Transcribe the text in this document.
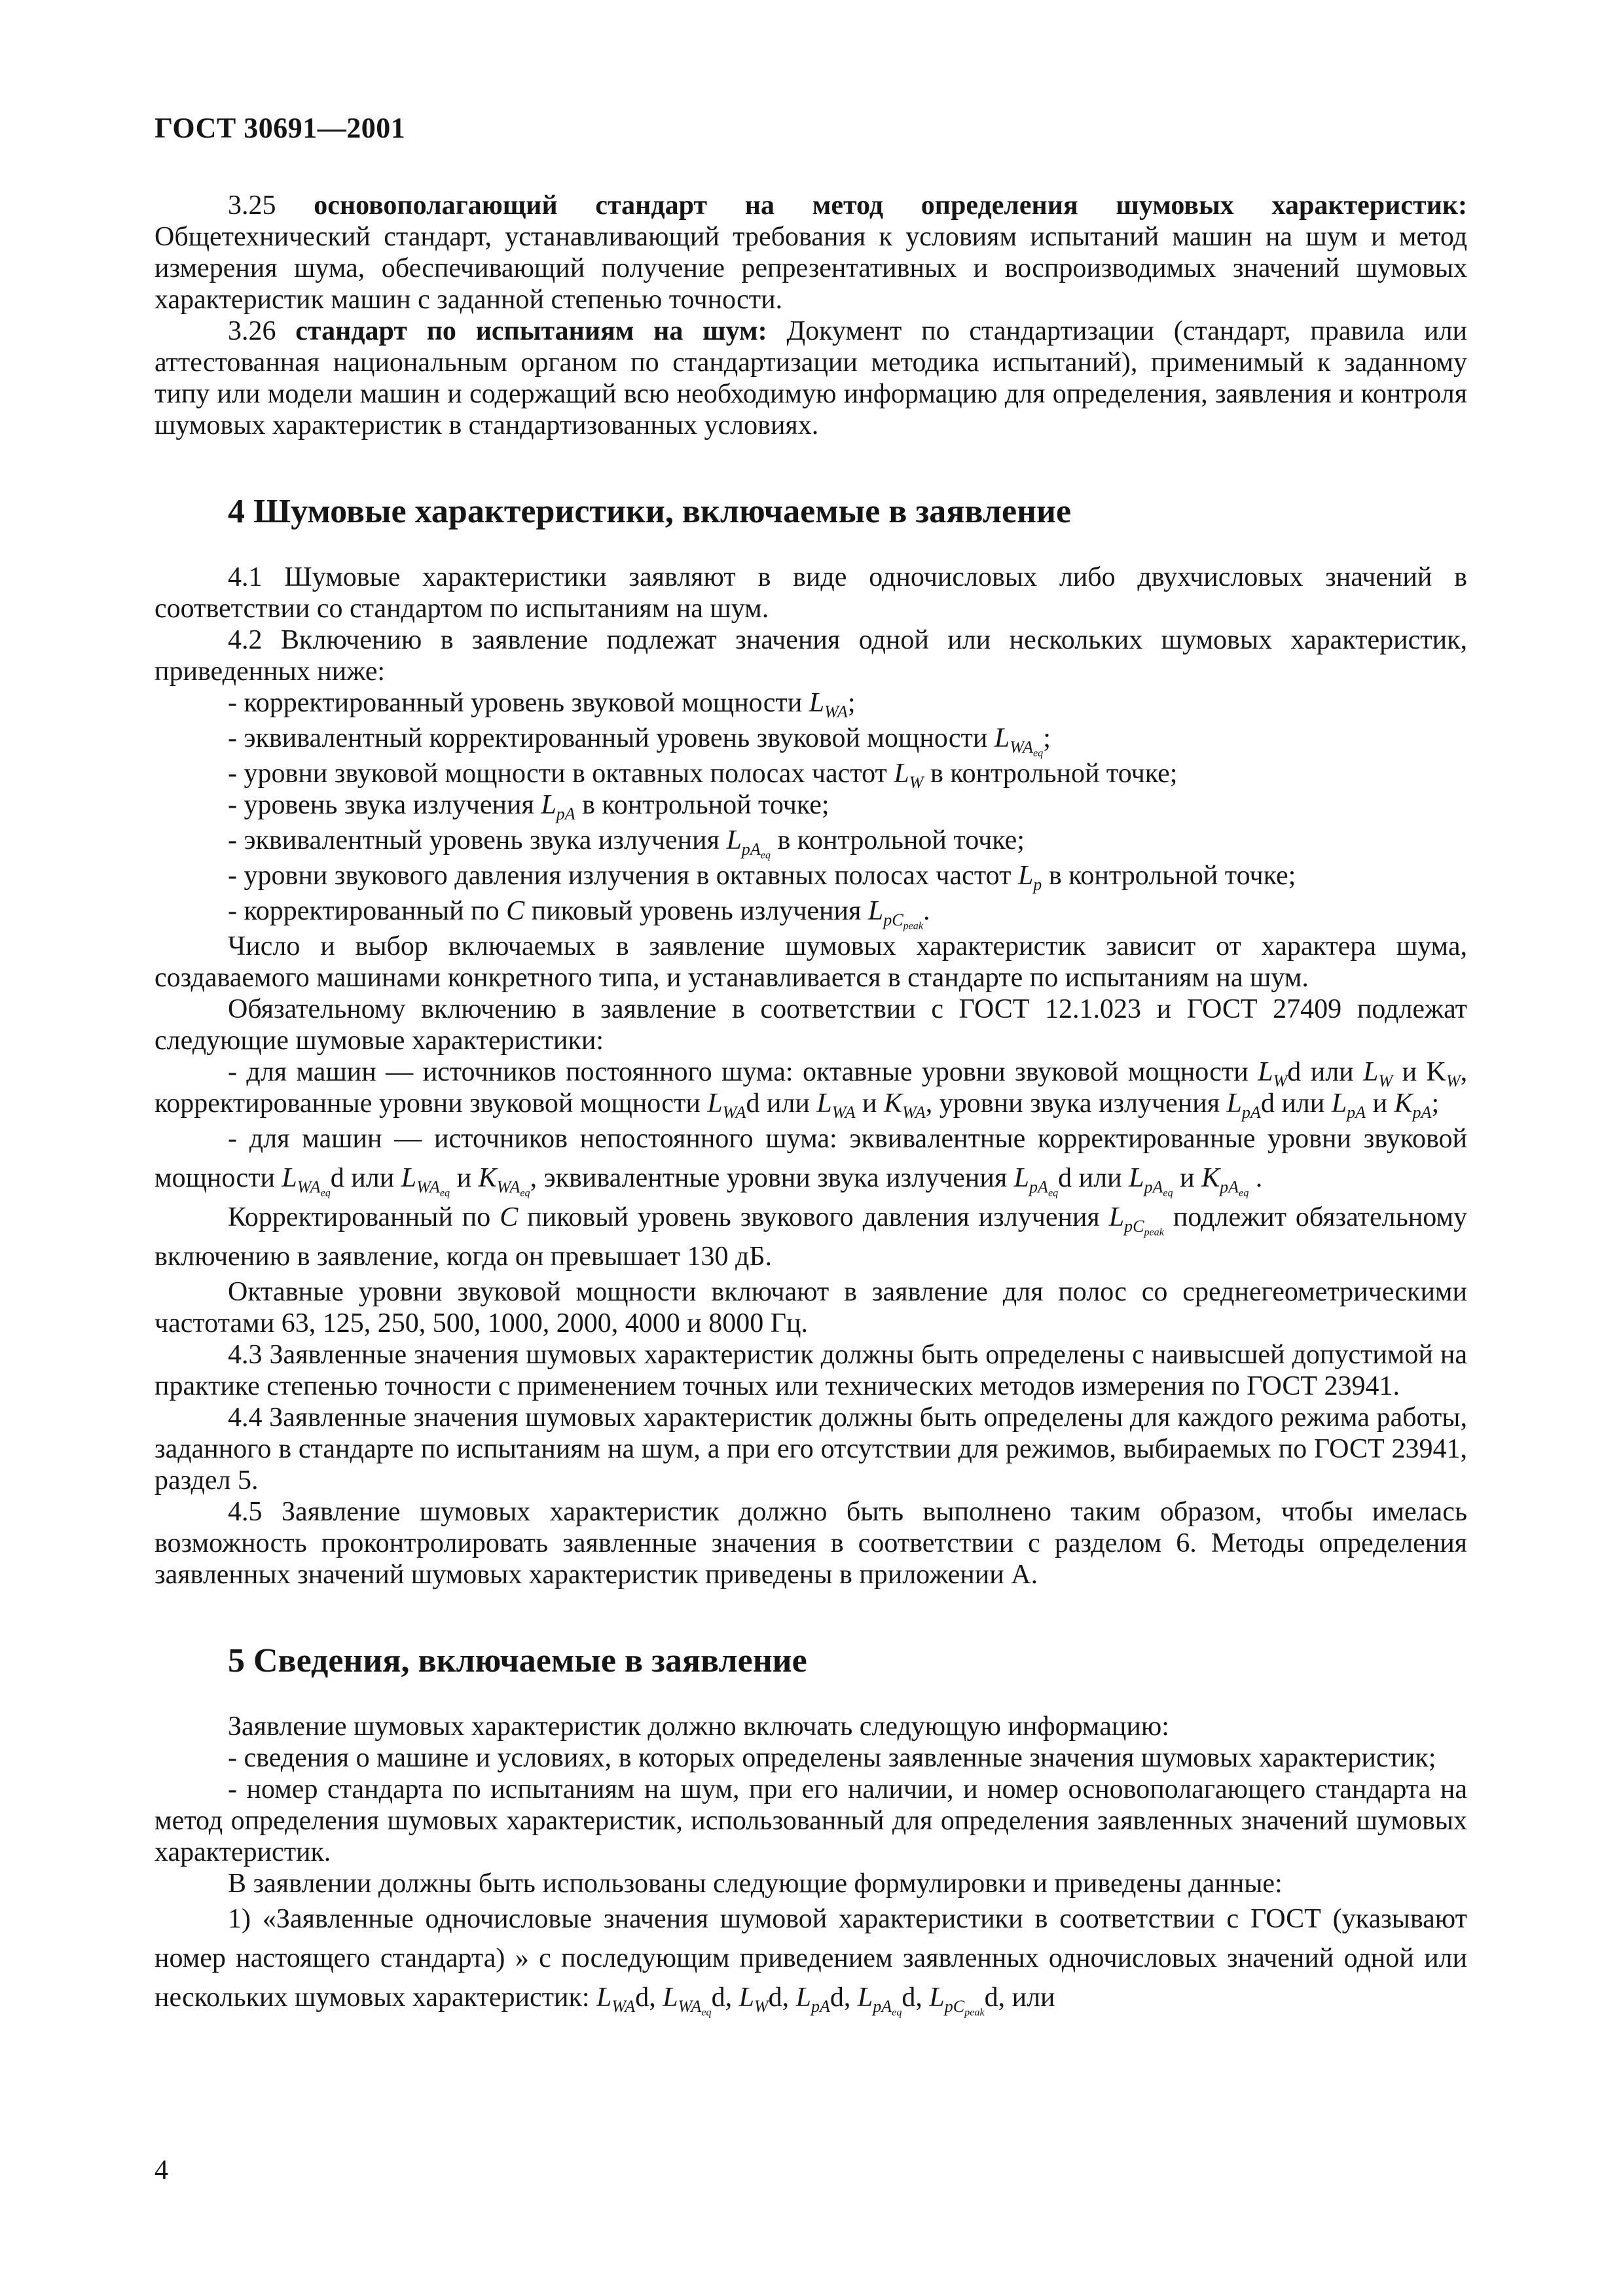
ГОСТ 30691—2001

3.25 основополагающий стандарт на метод определения шумовых характеристик: Общетехнический стандарт, устанавливающий требования к условиям испытаний машин на шум и метод измерения шума, обеспечивающий получение репрезентативных и воспроизводимых значений шумовых характеристик машин с заданной степенью точности.

3.26 стандарт по испытаниям на шум: Документ по стандартизации (стандарт, правила или аттестованная национальным органом по стандартизации методика испытаний), применимый к заданному типу или модели машин и содержащий всю необходимую информацию для определения, заявления и контроля шумовых характеристик в стандартизованных условиях.

4 Шумовые характеристики, включаемые в заявление

4.1 Шумовые характеристики заявляют в виде одночисловых либо двухчисловых значений в соответствии со стандартом по испытаниям на шум.

4.2 Включению в заявление подлежат значения одной или нескольких шумовых характеристик, приведенных ниже:

- корректированный уровень звуковой мощности $L_{WA}$;

- эквивалентный корректированный уровень звуковой мощности $L_{WA_{eq}}$;

- уровни звуковой мощности в октавных полосах частот $L_W$ в контрольной точке;

- уровень звука излучения $L_{pA}$ в контрольной точке;

- эквивалентный уровень звука излучения $L_{pA_{eq}}$ в контрольной точке;

- уровни звукового давления излучения в октавных полосах частот $L_p$ в контрольной точке;

- корректированный по C пиковый уровень излучения $L_{pC_{peak}}$.

Число и выбор включаемых в заявление шумовых характеристик зависит от характера шума, создаваемого машинами конкретного типа, и устанавливается в стандарте по испытаниям на шум.

Обязательному включению в заявление в соответствии с ГОСТ 12.1.023 и ГОСТ 27409 подлежат следующие шумовые характеристики:

- для машин — источников постоянного шума: октавные уровни звуковой мощности $L_Wd$ или $L_W$ и $K_W$, корректированные уровни звуковой мощности $L_{WA}d$ или $L_{WA}$ и $K_{WA}$, уровни звука излучения $L_{pA}d$ или $L_{pA}$ и $K_{pA}$;

- для машин — источников непостоянного шума: эквивалентные корректированные уровни звуковой мощности $L_{WA_{eq}}d$ или $L_{WA_{eq}}$ и $K_{WA_{eq}}$, эквивалентные уровни звука излучения $L_{pA_{eq}}d$ или $L_{pA_{eq}}$ и $K_{pA_{eq}}$ .

Корректированный по C пиковый уровень звукового давления излучения $L_{pC_{peak}}$ подлежит обязательному включению в заявление, когда он превышает 130 дБ.

Октавные уровни звуковой мощности включают в заявление для полос со среднегеометрическими частотами 63, 125, 250, 500, 1000, 2000, 4000 и 8000 Гц.

4.3 Заявленные значения шумовых характеристик должны быть определены с наивысшей допустимой на практике степенью точности с применением точных или технических методов измерения по ГОСТ 23941.

4.4 Заявленные значения шумовых характеристик должны быть определены для каждого режима работы, заданного в стандарте по испытаниям на шум, а при его отсутствии для режимов, выбираемых по ГОСТ 23941, раздел 5.

4.5 Заявление шумовых характеристик должно быть выполнено таким образом, чтобы имелась возможность проконтролировать заявленные значения в соответствии с разделом 6. Методы определения заявленных значений шумовых характеристик приведены в приложении А.

5 Сведения, включаемые в заявление

Заявление шумовых характеристик должно включать следующую информацию:

- сведения о машине и условиях, в которых определены заявленные значения шумовых характеристик;

- номер стандарта по испытаниям на шум, при его наличии, и номер основополагающего стандарта на метод определения шумовых характеристик, использованный для определения заявленных значений шумовых характеристик.

В заявлении должны быть использованы следующие формулировки и приведены данные:

1) «Заявленные одночисловые значения шумовой характеристики в соответствии с ГОСТ (указывают номер настоящего стандарта) » с последующим приведением заявленных одночисловых значений одной или нескольких шумовых характеристик: $L_{WA}d$, $L_{WA_{eq}}d$, $L_Wd$, $L_{pA}d$, $L_{pA_{eq}}d$, $L_{pC_{peak}}d$, или

4
